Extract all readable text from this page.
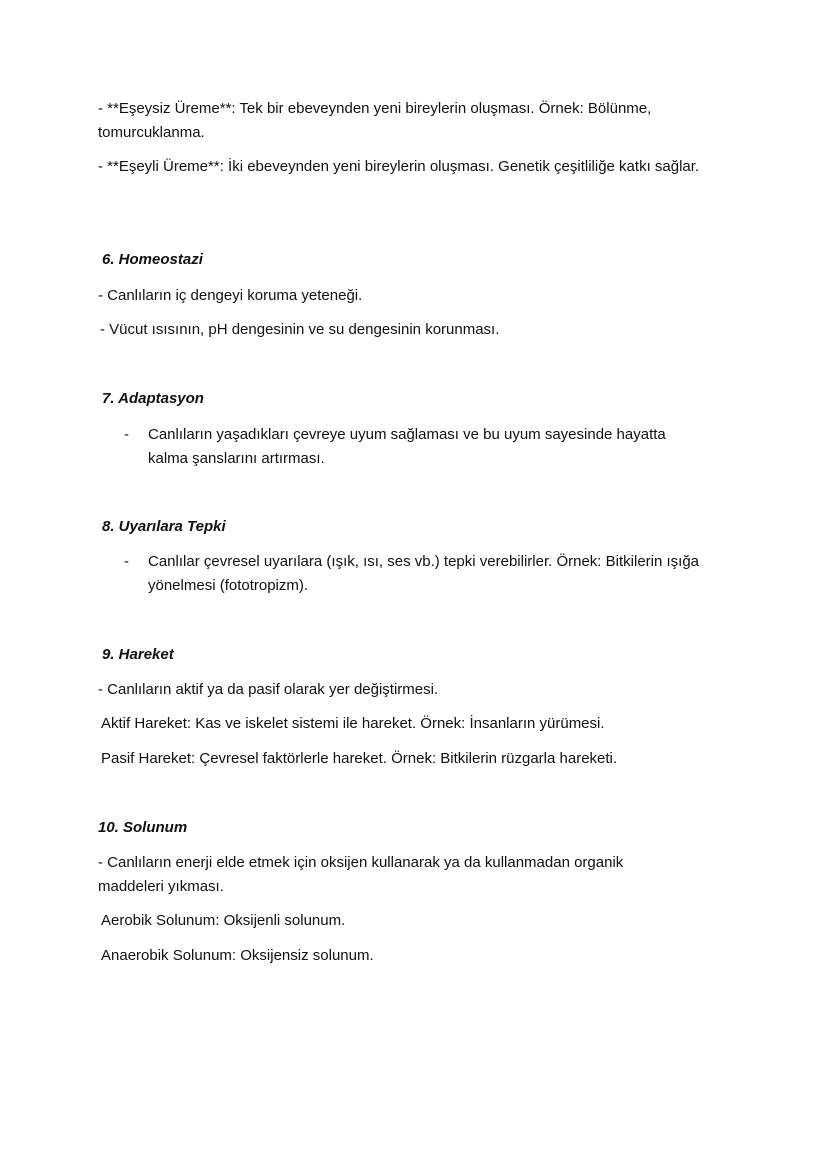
- **Eşeysiz Üreme**: Tek bir ebeveynden yeni bireylerin oluşması. Örnek: Bölünme, tomurcuklanma.

- **Eşeyli Üreme**: İki ebeveynden yeni bireylerin oluşması. Genetik çeşitliliğe katkı sağlar.

6. Homeostazi

- Canlıların iç dengeyi koruma yeteneği.

- Vücut ısısının, pH dengesinin ve su dengesinin korunması.

7. Adaptasyon

- Canlıların yaşadıkları çevreye uyum sağlaması ve bu uyum sayesinde hayatta kalma şanslarını artırması.

8. Uyarılara Tepki

- Canlılar çevresel uyarılara (ışık, ısı, ses vb.) tepki verebilirler. Örnek: Bitkilerin ışığa yönelmesi (fototropizm).

9. Hareket

- Canlıların aktif ya da pasif olarak yer değiştirmesi.

Aktif Hareket: Kas ve iskelet sistemi ile hareket. Örnek: İnsanların yürümesi.

Pasif Hareket: Çevresel faktörlerle hareket. Örnek: Bitkilerin rüzgarla hareketi.

10. Solunum

- Canlıların enerji elde etmek için oksijen kullanarak ya da kullanmadan organik maddeleri yıkması.

Aerobik Solunum: Oksijenli solunum.

Anaerobik Solunum: Oksijensiz solunum.
